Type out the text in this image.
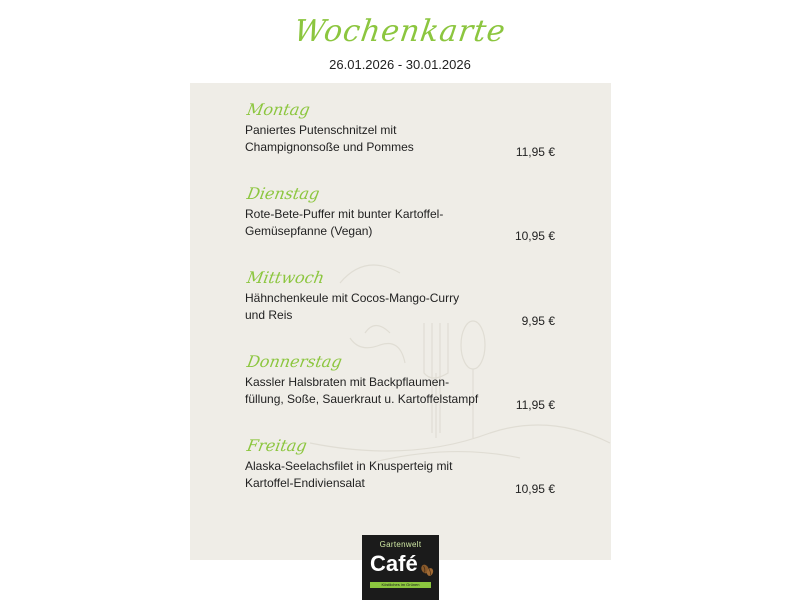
Wochenkarte
26.01.2026 - 30.01.2026
Montag
Paniertes Putenschnitzel mit
Champignonsoße und Pommes	11,95 €
Dienstag
Rote-Bete-Puffer mit bunter Kartoffel-
Gemüsepfanne (Vegan)	10,95 €
Mittwoch
Hähnchenkeule mit Cocos-Mango-Curry
und Reis	9,95 €
Donnerstag
Kassler Halsbraten mit Backpflaumen-
füllung, Soße, Sauerkraut u. Kartoffelstampf	11,95 €
Freitag
Alaska-Seelachsfilet in Knusperteig mit
Kartoffel-Endiviensalat	10,95 €
Gartenwelt
Café
Köstliches im Grünen
